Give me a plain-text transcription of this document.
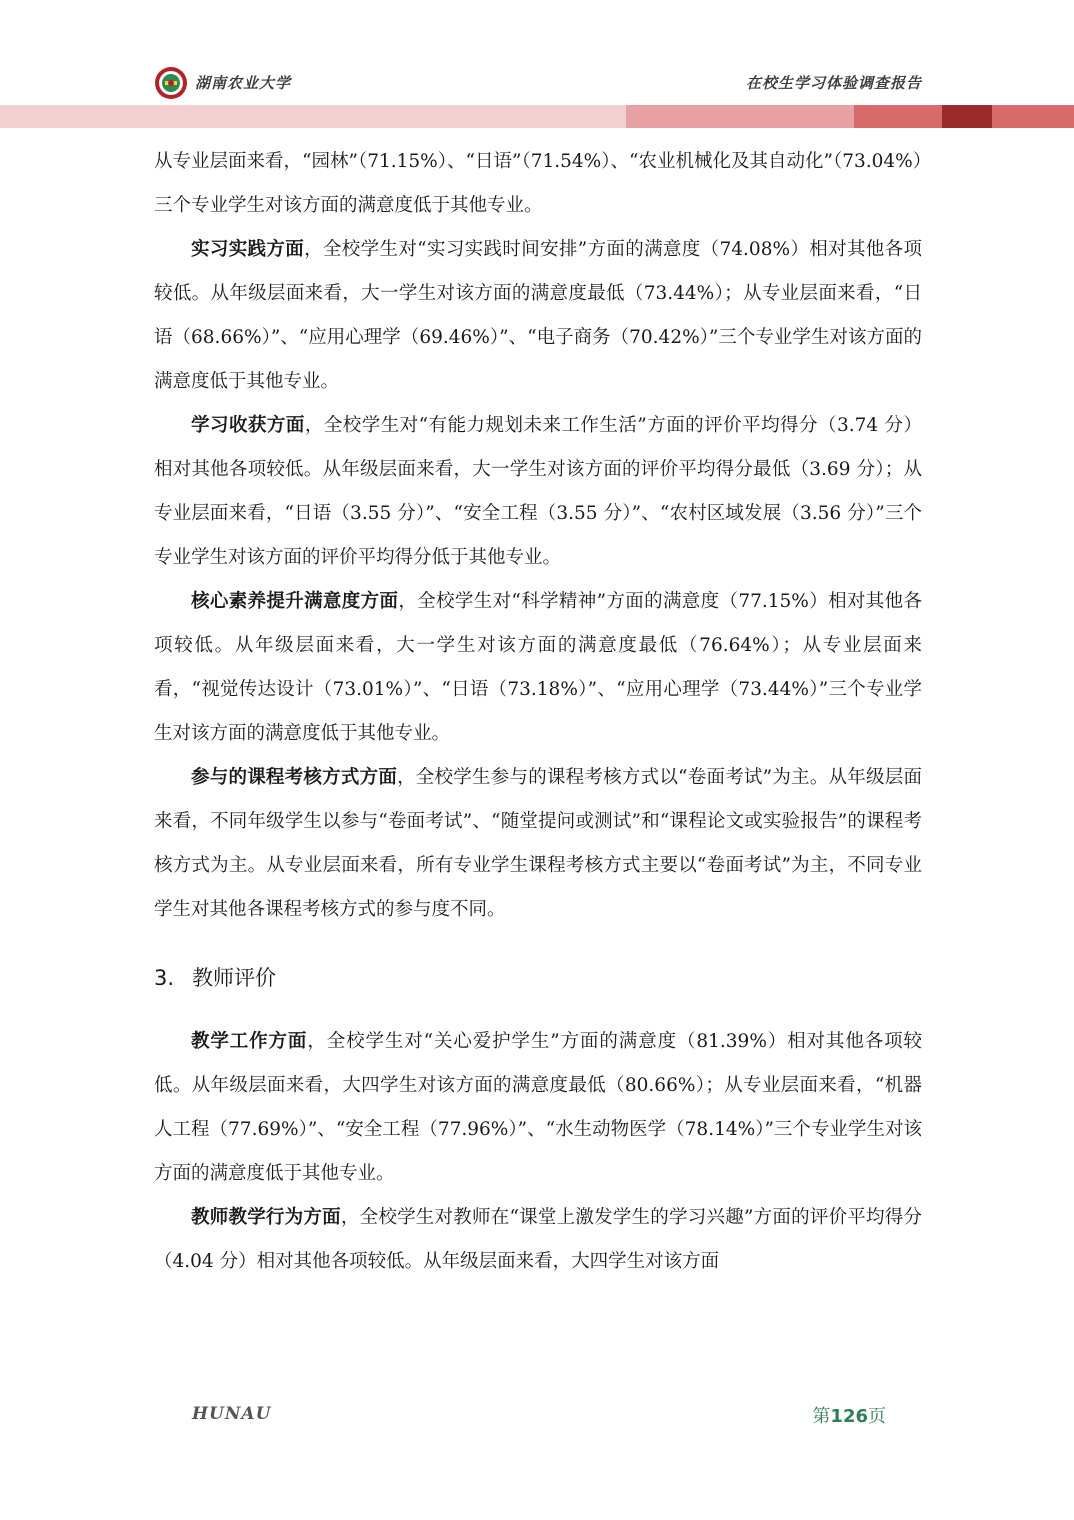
湖南农业大学	在校生学习体验调查报告

从专业层面来看，“园林”（71.15%）、“日语”（71.54%）、“农业机械化及其自动化”（73.04%）三个专业学生对该方面的满意度低于其他专业。

实习实践方面，全校学生对“实习实践时间安排”方面的满意度（74.08%）相对其他各项较低。从年级层面来看，大一学生对该方面的满意度最低（73.44%）；从专业层面来看，“日语（68.66%）”、“应用心理学（69.46%）”、“电子商务（70.42%）”三个专业学生对该方面的满意度低于其他专业。

学习收获方面，全校学生对“有能力规划未来工作生活”方面的评价平均得分（3.74 分）相对其他各项较低。从年级层面来看，大一学生对该方面的评价平均得分最低（3.69 分）；从专业层面来看，“日语（3.55 分）”、“安全工程（3.55 分）”、“农村区域发展（3.56 分）”三个专业学生对该方面的评价平均得分低于其他专业。

核心素养提升满意度方面，全校学生对“科学精神”方面的满意度（77.15%）相对其他各项较低。从年级层面来看，大一学生对该方面的满意度最低（76.64%）；从专业层面来看，“视觉传达设计（73.01%）”、“日语（73.18%）”、“应用心理学（73.44%）”三个专业学生对该方面的满意度低于其他专业。

参与的课程考核方式方面，全校学生参与的课程考核方式以“卷面考试”为主。从年级层面来看，不同年级学生以参与“卷面考试”、“随堂提问或测试”和“课程论文或实验报告”的课程考核方式为主。从专业层面来看，所有专业学生课程考核方式主要以“卷面考试”为主，不同专业学生对其他各课程考核方式的参与度不同。

3. 教师评价

教学工作方面，全校学生对“关心爱护学生”方面的满意度（81.39%）相对其他各项较低。从年级层面来看，大四学生对该方面的满意度最低（80.66%）；从专业层面来看，“机器人工程（77.69%）”、“安全工程（77.96%）”、“水生动物医学（78.14%）”三个专业学生对该方面的满意度低于其他专业。

教师教学行为方面，全校学生对教师在“课堂上激发学生的学习兴趣”方面的评价平均得分（4.04 分）相对其他各项较低。从年级层面来看，大四学生对该方面

HUNAU	第126页
